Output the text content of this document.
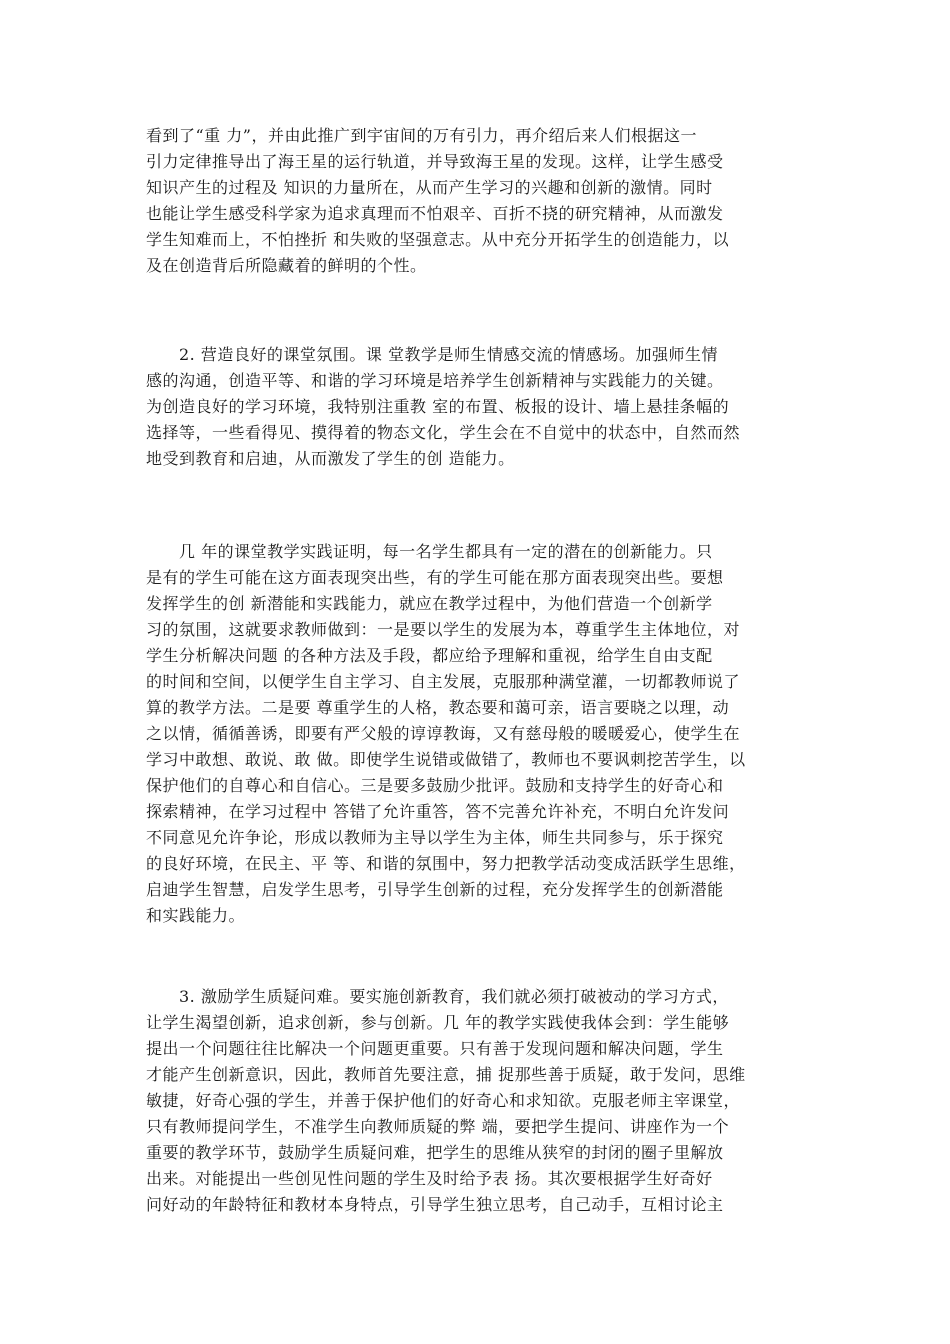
看到了“重 力”，并由此推广到宇宙间的万有引力，再介绍后来人们根据这一
引力定律推导出了海王星的运行轨道，并导致海王星的发现。这样，让学生感受
知识产生的过程及 知识的力量所在，从而产生学习的兴趣和创新的激情。同时
也能让学生感受科学家为追求真理而不怕艰辛、百折不挠的研究精神，从而激发
学生知难而上，不怕挫折 和失败的坚强意志。从中充分开拓学生的创造能力，以
及在创造背后所隐藏着的鲜明的个性。
　　2. 营造良好的课堂氛围。课 堂教学是师生情感交流的情感场。加强师生情
感的沟通，创造平等、和谐的学习环境是培养学生创新精神与实践能力的关键。
为创造良好的学习环境，我特别注重教 室的布置、板报的设计、墙上悬挂条幅的
选择等，一些看得见、摸得着的物态文化，学生会在不自觉中的状态中，自然而然
地受到教育和启迪，从而激发了学生的创 造能力。
　　几 年的课堂教学实践证明，每一名学生都具有一定的潜在的创新能力。只
是有的学生可能在这方面表现突出些，有的学生可能在那方面表现突出些。要想
发挥学生的创 新潜能和实践能力，就应在教学过程中，为他们营造一个创新学
习的氛围，这就要求教师做到：一是要以学生的发展为本，尊重学生主体地位，对
学生分析解决问题 的各种方法及手段，都应给予理解和重视，给学生自由支配
的时间和空间，以便学生自主学习、自主发展，克服那种满堂灌，一切都教师说了
算的教学方法。二是要 尊重学生的人格，教态要和蔼可亲，语言要晓之以理，动
之以情，循循善诱，即要有严父般的谆谆教诲，又有慈母般的暖暖爱心，使学生在
学习中敢想、敢说、敢 做。即使学生说错或做错了，教师也不要讽刺挖苦学生，以
保护他们的自尊心和自信心。三是要多鼓励少批评。鼓励和支持学生的好奇心和
探索精神，在学习过程中 答错了允许重答，答不完善允许补充，不明白允许发问
不同意见允许争论，形成以教师为主导以学生为主体，师生共同参与，乐于探究
的良好环境，在民主、平 等、和谐的氛围中，努力把教学活动变成活跃学生思维，
启迪学生智慧，启发学生思考，引导学生创新的过程，充分发挥学生的创新潜能
和实践能力。
　　3. 激励学生质疑问难。要实施创新教育，我们就必须打破被动的学习方式，
让学生渴望创新，追求创新，参与创新。几 年的教学实践使我体会到：学生能够
提出一个问题往往比解决一个问题更重要。只有善于发现问题和解决问题，学生
才能产生创新意识，因此，教师首先要注意，捕 捉那些善于质疑，敢于发问，思维
敏捷，好奇心强的学生，并善于保护他们的好奇心和求知欲。克服老师主宰课堂，
只有教师提问学生，不准学生向教师质疑的弊 端，要把学生提问、讲座作为一个
重要的教学环节，鼓励学生质疑问难，把学生的思维从狭窄的封闭的圈子里解放
出来。对能提出一些创见性问题的学生及时给予表 扬。其次要根据学生好奇好
问好动的年龄特征和教材本身特点，引导学生独立思考，自己动手，互相讨论主
